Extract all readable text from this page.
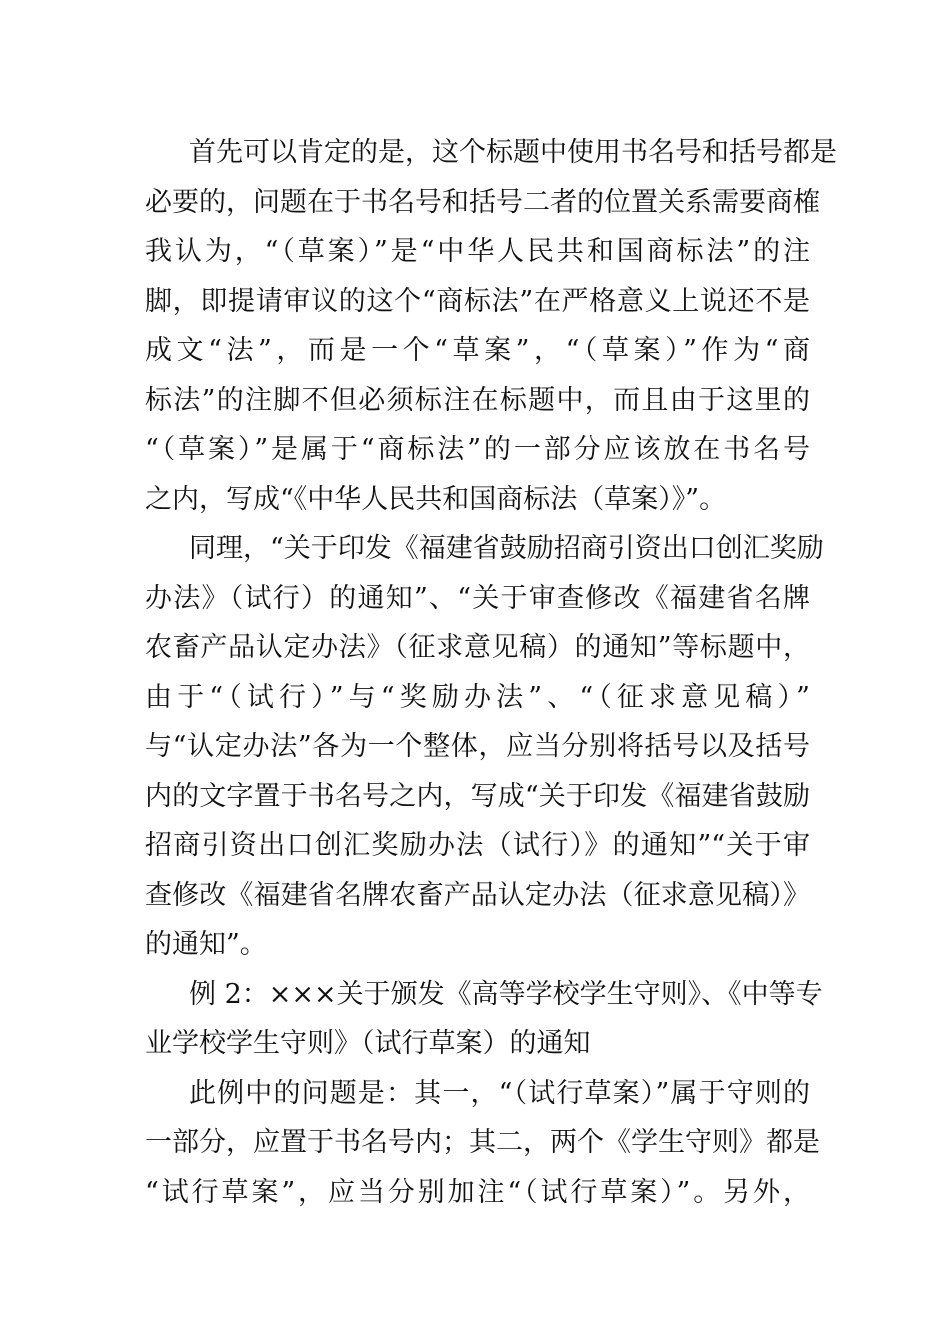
首先可以肯定的是，这个标题中使用书名号和括号都是
必要的，问题在于书名号和括号二者的位置关系需要商榷
我认为，“（草案）”是“中华人民共和国商标法”的注
脚，即提请审议的这个“商标法”在严格意义上说还不是
成文“法”，而是一个“草案”，“（草案）”作为“商
标法”的注脚不但必须标注在标题中，而且由于这里的
“（草案）”是属于“商标法”的一部分应该放在书名号
之内，写成“《中华人民共和国商标法（草案）》”。
同理，“关于印发《福建省鼓励招商引资出口创汇奖励
办法》（试行）的通知”、“关于审查修改《福建省名牌
农畜产品认定办法》（征求意见稿）的通知”等标题中，
由于“（试行）”与“奖励办法”、“（征求意见稿）”
与“认定办法”各为一个整体，应当分别将括号以及括号
内的文字置于书名号之内，写成“关于印发《福建省鼓励
招商引资出口创汇奖励办法（试行）》的通知”“关于审
查修改《福建省名牌农畜产品认定办法（征求意见稿）》
的通知”。
例 2：×××关于颁发《高等学校学生守则》、《中等专
业学校学生守则》（试行草案）的通知
此例中的问题是：其一，“（试行草案）”属于守则的
一部分，应置于书名号内；其二，两个《学生守则》都是
“试行草案”，应当分别加注“（试行草案）”。另外，
